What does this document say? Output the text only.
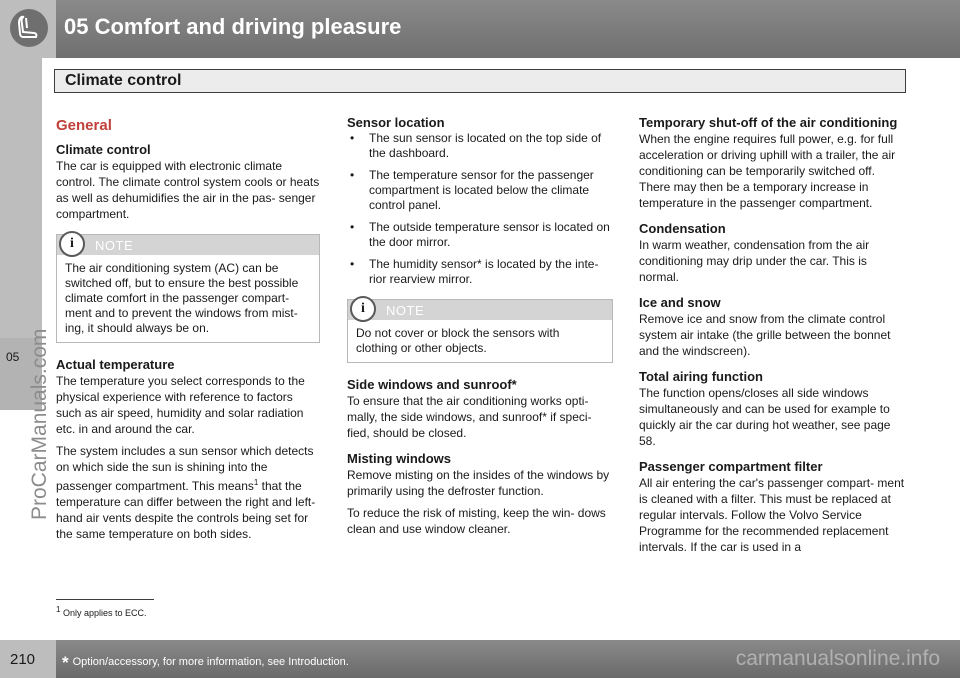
05 Comfort and driving pleasure
05 ProCarManuals.com
Climate control
General
Climate control

The car is equipped with electronic climate control. The climate control system cools or heats as well as dehumidifies the air in the pas- senger compartment.

i	NOTE
The air conditioning system (AC) can be switched off, but to ensure the best possible climate comfort in the passenger compart- ment and to prevent the windows from mist- ing, it should always be on.
Actual temperature

The temperature you select corresponds to the physical experience with reference to factors such as air speed, humidity and solar radiation etc. in and around the car.

The system includes a sun sensor which detects on which side the sun is shining into the passenger compartment. This means$^1$ that the temperature can differ between the right and left-hand air vents despite the controls being set for the same temperature on both sides.

Sensor location
• The sun sensor is located on the top side of the dashboard.
• The temperature sensor for the passenger compartment is located below the climate control panel.
• The outside temperature sensor is located on the door mirror.
• The humidity sensor* is located by the inte- rior rearview mirror.
i	NOTE
Do not cover or block the sensors with clothing or other objects.
Side windows and sunroof*

To ensure that the air conditioning works opti- mally, the side windows, and sunroof* if speci- fied, should be closed.

Misting windows

Remove misting on the insides of the windows by primarily using the defroster function.

To reduce the risk of misting, keep the win- dows clean and use window cleaner.

Temporary shut-off of the air conditioning

When the engine requires full power, e.g. for full acceleration or driving uphill with a trailer, the air conditioning can be temporarily switched off. There may then be a temporary increase in temperature in the passenger compartment.

Condensation

In warm weather, condensation from the air conditioning may drip under the car. This is normal.

Ice and snow

Remove ice and snow from the climate control system air intake (the grille between the bonnet and the windscreen).

Total airing function

The function opens/closes all side windows simultaneously and can be used for example to quickly air the car during hot weather, see page 58.

Passenger compartment filter

All air entering the car's passenger compart- ment is cleaned with a filter. This must be replaced at regular intervals. Follow the Volvo Service Programme for the recommended replacement intervals. If the car is used in a

$^1$ Only applies to ECC.
210 * Option/accessory, for more information, see Introduction.	carmanualsonline.info
